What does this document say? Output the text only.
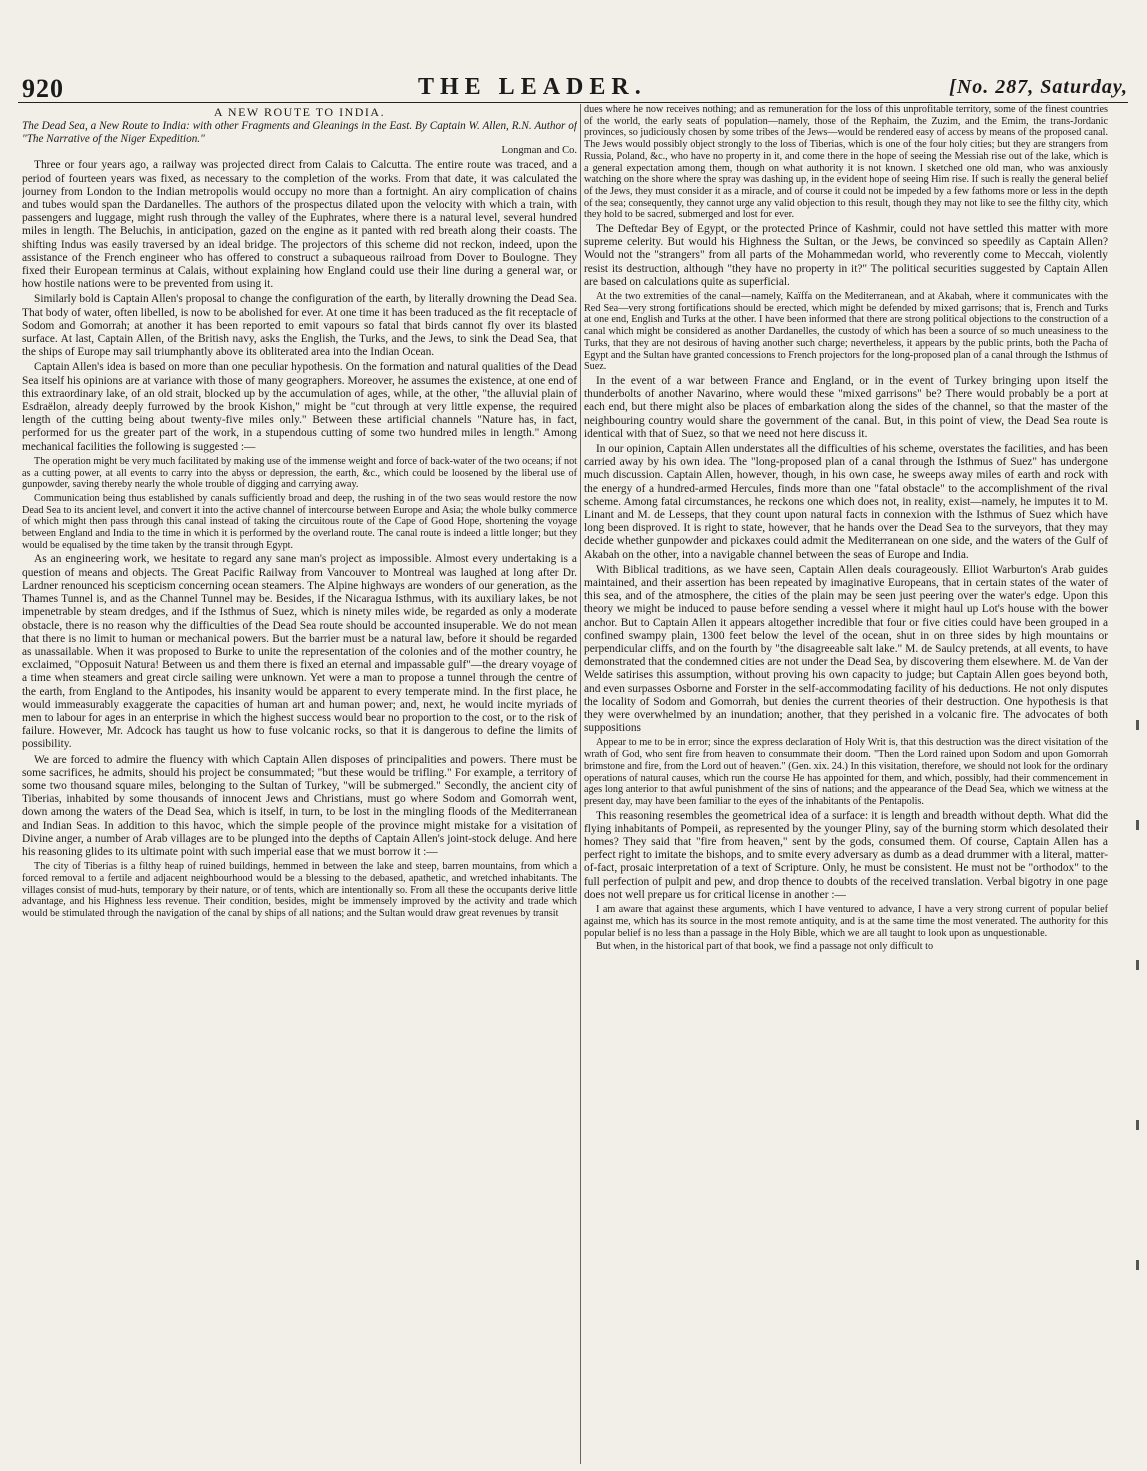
920	THE LEADER.	[No. 287, Saturday,
A NEW ROUTE TO INDIA.

The Dead Sea, a New Route to India: with other Fragments and Gleanings in the East. By Captain W. Allen, R.N. Author of "The Narrative of the Niger Expedition."

Longman and Co.

Three or four years ago, a railway was projected direct from Calais to Calcutta. The entire route was traced, and a period of fourteen years was fixed, as necessary to the completion of the works. From that date, it was calculated the journey from London to the Indian metropolis would occupy no more than a fortnight. An airy complication of chains and tubes would span the Dardanelles. The authors of the prospectus dilated upon the velocity with which a train, with passengers and luggage, might rush through the valley of the Euphrates, where there is a natural level, several hundred miles in length. The Beluchis, in anticipation, gazed on the engine as it panted with red breath along their coasts. The shifting Indus was easily traversed by an ideal bridge. The projectors of this scheme did not reckon, indeed, upon the assistance of the French engineer who has offered to construct a subaqueous railroad from Dover to Boulogne. They fixed their European terminus at Calais, without explaining how England could use their line during a general war, or how hostile nations were to be prevented from using it.

Similarly bold is Captain Allen's proposal to change the configuration of the earth, by literally drowning the Dead Sea. That body of water, often libelled, is now to be abolished for ever. At one time it has been traduced as the fit receptacle of Sodom and Gomorrah; at another it has been reported to emit vapours so fatal that birds cannot fly over its blasted surface. At last, Captain Allen, of the British navy, asks the English, the Turks, and the Jews, to sink the Dead Sea, that the ships of Europe may sail triumphantly above its obliterated area into the Indian Ocean.

Captain Allen's idea is based on more than one peculiar hypothesis. On the formation and natural qualities of the Dead Sea itself his opinions are at variance with those of many geographers. Moreover, he assumes the existence, at one end of this extraordinary lake, of an old strait, blocked up by the accumulation of ages, while, at the other, "the alluvial plain of Esdraëlon, already deeply furrowed by the brook Kishon," might be "cut through at very little expense, the required length of the cutting being about twenty-five miles only." Between these artificial channels "Nature has, in fact, performed for us the greater part of the work, in a stupendous cutting of some two hundred miles in length." Among mechanical facilities the following is suggested :—

The operation might be very much facilitated by making use of the immense weight and force of back-water of the two oceans; if not as a cutting power, at all events to carry into the abyss or depression, the earth, &c., which could be loosened by the liberal use of gunpowder, saving thereby nearly the whole trouble of digging and carrying away.

Communication being thus established by canals sufficiently broad and deep, the rushing in of the two seas would restore the now Dead Sea to its ancient level, and convert it into the active channel of intercourse between Europe and Asia; the whole bulky commerce of which might then pass through this canal instead of taking the circuitous route of the Cape of Good Hope, shortening the voyage between England and India to the time in which it is performed by the overland route. The canal route is indeed a little longer; but they would be equalised by the time taken by the transit through Egypt.

As an engineering work, we hesitate to regard any sane man's project as impossible. Almost every undertaking is a question of means and objects. The Great Pacific Railway from Vancouver to Montreal was laughed at long after Dr. Lardner renounced his scepticism concerning ocean steamers. The Alpine highways are wonders of our generation, as the Thames Tunnel is, and as the Channel Tunnel may be. Besides, if the Nicaragua Isthmus, with its auxiliary lakes, be not impenetrable by steam dredges, and if the Isthmus of Suez, which is ninety miles wide, be regarded as only a moderate obstacle, there is no reason why the difficulties of the Dead Sea route should be accounted insuperable. We do not mean that there is no limit to human or mechanical powers. But the barrier must be a natural law, before it should be regarded as unassailable. When it was proposed to Burke to unite the representation of the colonies and of the mother country, he exclaimed, "Opposuit Natura! Between us and them there is fixed an eternal and impassable gulf"—the dreary voyage of a time when steamers and great circle sailing were unknown. Yet were a man to propose a tunnel through the centre of the earth, from England to the Antipodes, his insanity would be apparent to every temperate mind. In the first place, he would immeasurably exaggerate the capacities of human art and human power; and, next, he would incite myriads of men to labour for ages in an enterprise in which the highest success would bear no proportion to the cost, or to the risk of failure. However, Mr. Adcock has taught us how to fuse volcanic rocks, so that it is dangerous to define the limits of possibility.

We are forced to admire the fluency with which Captain Allen disposes of principalities and powers. There must be some sacrifices, he admits, should his project be consummated; "but these would be trifling." For example, a territory of some two thousand square miles, belonging to the Sultan of Turkey, "will be submerged." Secondly, the ancient city of Tiberias, inhabited by some thousands of innocent Jews and Christians, must go where Sodom and Gomorrah went, down among the waters of the Dead Sea, which is itself, in turn, to be lost in the mingling floods of the Mediterranean and Indian Seas. In addition to this havoc, which the simple people of the province might mistake for a visitation of Divine anger, a number of Arab villages are to be plunged into the depths of Captain Allen's joint-stock deluge. And here his reasoning glides to its ultimate point with such imperial ease that we must borrow it :—

The city of Tiberias is a filthy heap of ruined buildings, hemmed in between the lake and steep, barren mountains, from which a forced removal to a fertile and adjacent neighbourhood would be a blessing to the debased, apathetic, and wretched inhabitants. The villages consist of mud-huts, temporary by their nature, or of tents, which are intentionally so. From all these the occupants derive little advantage, and his Highness less revenue. Their condition, besides, might be immensely improved by the activity and trade which would be stimulated through the navigation of the canal by ships of all nations; and the Sultan would draw great revenues by transit

dues where he now receives nothing; and as remuneration for the loss of this unprofitable territory, some of the finest countries of the world, the early seats of population—namely, those of the Rephaim, the Zuzim, and the Emim, the trans-Jordanic provinces, so judiciously chosen by some tribes of the Jews—would be rendered easy of access by means of the proposed canal. The Jews would possibly object strongly to the loss of Tiberias, which is one of the four holy cities; but they are strangers from Russia, Poland, &c., who have no property in it, and come there in the hope of seeing the Messiah rise out of the lake, which is a general expectation among them, though on what authority it is not known. I sketched one old man, who was anxiously watching on the shore where the spray was dashing up, in the evident hope of seeing Him rise. If such is really the general belief of the Jews, they must consider it as a miracle, and of course it could not be impeded by a few fathoms more or less in the depth of the sea; consequently, they cannot urge any valid objection to this result, though they may not like to see the filthy city, which they hold to be sacred, submerged and lost for ever.

The Deftedar Bey of Egypt, or the protected Prince of Kashmir, could not have settled this matter with more supreme celerity. But would his Highness the Sultan, or the Jews, be convinced so speedily as Captain Allen? Would not the "strangers" from all parts of the Mohammedan world, who reverently come to Meccah, violently resist its destruction, although "they have no property in it?" The political securities suggested by Captain Allen are based on calculations quite as superficial.

At the two extremities of the canal—namely, Kaïffa on the Mediterranean, and at Akabah, where it communicates with the Red Sea—very strong fortifications should be erected, which might be defended by mixed garrisons; that is, French and Turks at one end, English and Turks at the other. I have been informed that there are strong political objections to the construction of a canal which might be considered as another Dardanelles, the custody of which has been a source of so much uneasiness to the Turks, that they are not desirous of having another such charge; nevertheless, it appears by the public prints, both the Pacha of Egypt and the Sultan have granted concessions to French projectors for the long-proposed plan of a canal through the Isthmus of Suez.

In the event of a war between France and England, or in the event of Turkey bringing upon itself the thunderbolts of another Navarino, where would these "mixed garrisons" be? There would probably be a port at each end, but there might also be places of embarkation along the sides of the channel, so that the master of the neighbouring country would share the government of the canal. But, in this point of view, the Dead Sea route is identical with that of Suez, so that we need not here discuss it.

In our opinion, Captain Allen understates all the difficulties of his scheme, overstates the facilities, and has been carried away by his own idea. The "long-proposed plan of a canal through the Isthmus of Suez" has undergone much discussion. Captain Allen, however, though, in his own case, he sweeps away miles of earth and rock with the energy of a hundred-armed Hercules, finds more than one "fatal obstacle" to the accomplishment of the rival scheme. Among fatal circumstances, he reckons one which does not, in reality, exist—namely, he imputes it to M. Linant and M. de Lesseps, that they count upon natural facts in connexion with the Isthmus of Suez which have long been disproved. It is right to state, however, that he hands over the Dead Sea to the surveyors, that they may decide whether gunpowder and pickaxes could admit the Mediterranean on one side, and the waters of the Gulf of Akabah on the other, into a navigable channel between the seas of Europe and India.

With Biblical traditions, as we have seen, Captain Allen deals courageously. Elliot Warburton's Arab guides maintained, and their assertion has been repeated by imaginative Europeans, that in certain states of the water of this sea, and of the atmosphere, the cities of the plain may be seen just peering over the water's edge. Upon this theory we might be induced to pause before sending a vessel where it might haul up Lot's house with the bower anchor. But to Captain Allen it appears altogether incredible that four or five cities could have been grouped in a confined swampy plain, 1300 feet below the level of the ocean, shut in on three sides by high mountains or perpendicular cliffs, and on the fourth by "the disagreeable salt lake." M. de Saulcy pretends, at all events, to have demonstrated that the condemned cities are not under the Dead Sea, by discovering them elsewhere. M. de Van der Welde satirises this assumption, without proving his own capacity to judge; but Captain Allen goes beyond both, and even surpasses Osborne and Forster in the self-accommodating facility of his deductions. He not only disputes the locality of Sodom and Gomorrah, but denies the current theories of their destruction. One hypothesis is that they were overwhelmed by an inundation; another, that they perished in a volcanic fire. The advocates of both suppositions

Appear to me to be in error; since the express declaration of Holy Writ is, that this destruction was the direct visitation of the wrath of God, who sent fire from heaven to consummate their doom. "Then the Lord rained upon Sodom and upon Gomorrah brimstone and fire, from the Lord out of heaven." (Gen. xix. 24.) In this visitation, therefore, we should not look for the ordinary operations of natural causes, which run the course He has appointed for them, and which, possibly, had their commencement in ages long anterior to that awful punishment of the sins of nations; and the appearance of the Dead Sea, which we witness at the present day, may have been familiar to the eyes of the inhabitants of the Pentapolis.

This reasoning resembles the geometrical idea of a surface: it is length and breadth without depth. What did the flying inhabitants of Pompeii, as represented by the younger Pliny, say of the burning storm which desolated their homes? They said that "fire from heaven," sent by the gods, consumed them. Of course, Captain Allen has a perfect right to imitate the bishops, and to smite every adversary as dumb as a dead drummer with a literal, matter-of-fact, prosaic interpretation of a text of Scripture. Only, he must be consistent. He must not be "orthodox" to the full perfection of pulpit and pew, and drop thence to doubts of the received translation. Verbal bigotry in one page does not well prepare us for critical license in another :—

I am aware that against these arguments, which I have ventured to advance, I have a very strong current of popular belief against me, which has its source in the most remote antiquity, and is at the same time the most venerated. The authority for this popular belief is no less than a passage in the Holy Bible, which we are all taught to look upon as unquestionable.

But when, in the historical part of that book, we find a passage not only difficult to
